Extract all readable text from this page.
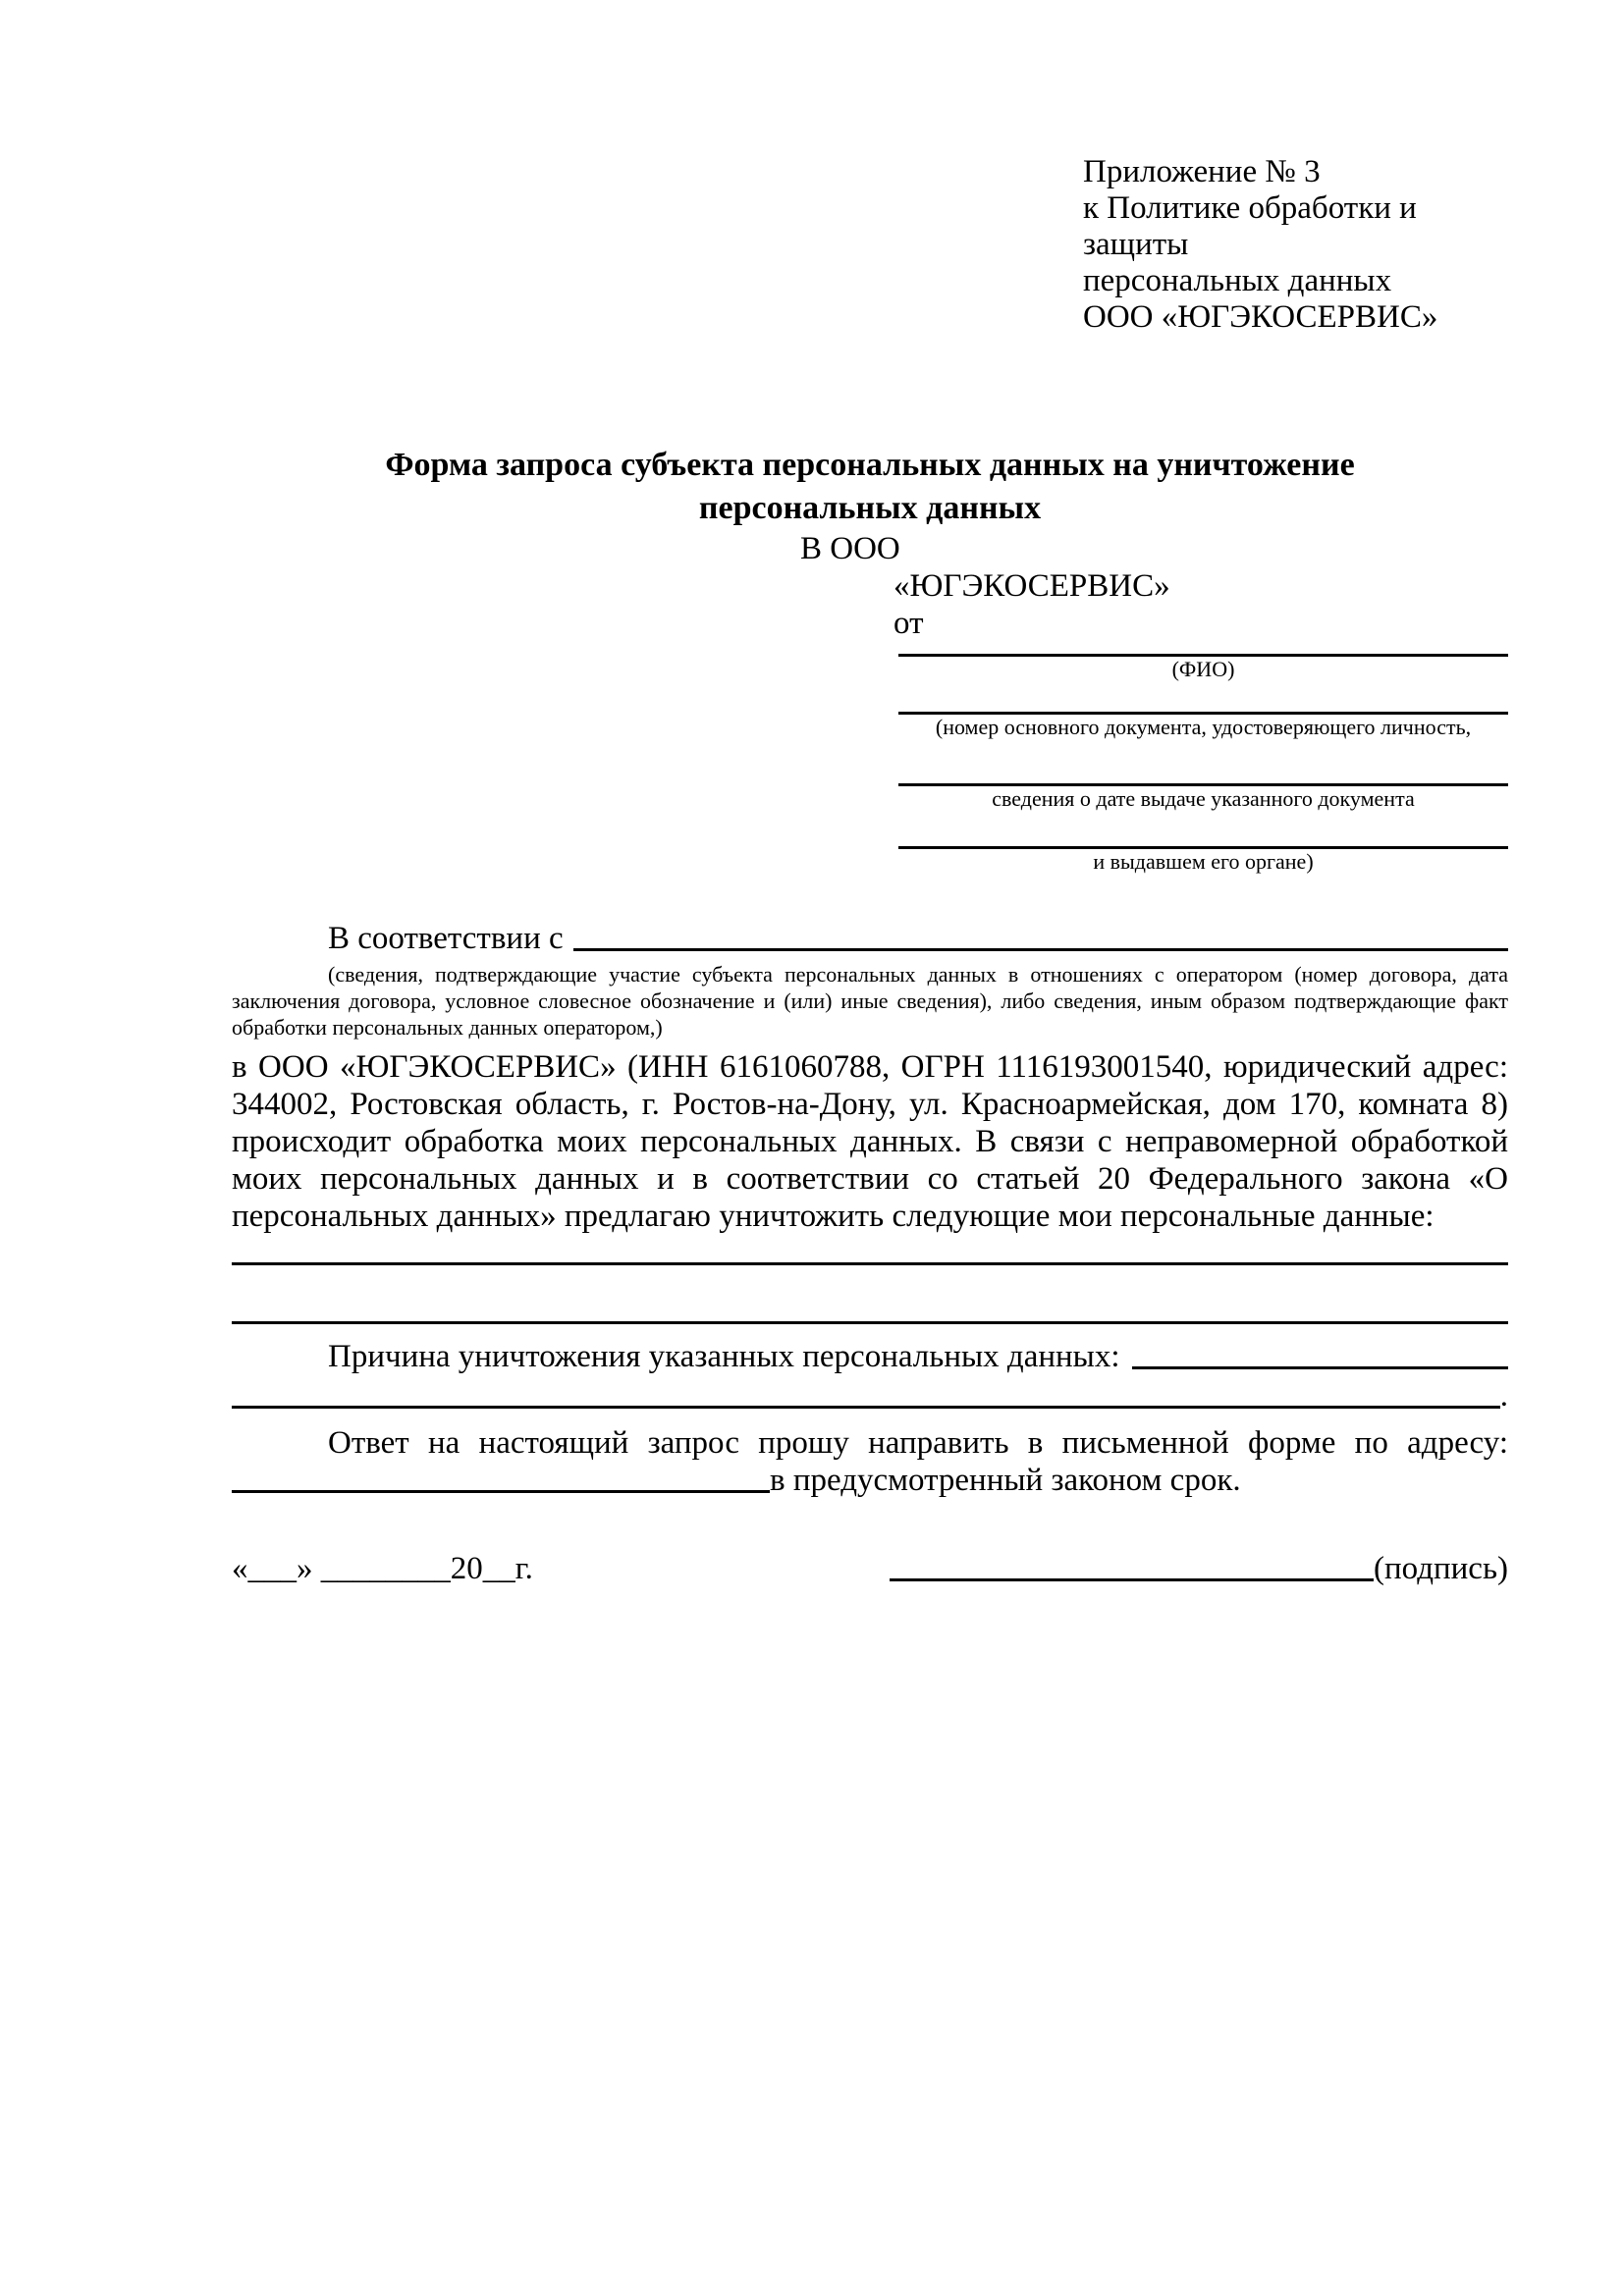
Приложение № 3
к Политике обработки и защиты
персональных данных
ООО «ЮГЭКОСЕРВИС»
Форма запроса субъекта персональных данных на уничтожение
персональных данных
В ООО
«ЮГЭКОСЕРВИС»
от
(ФИО)
(номер основного документа, удостоверяющего личность,
сведения о дате выдаче указанного документа
и выдавшем его органе)
В соответствии с
(сведения, подтверждающие участие субъекта персональных данных в отношениях с оператором (номер договора, дата заключения договора, условное словесное обозначение и (или) иные сведения), либо сведения, иным образом подтверждающие факт обработки персональных данных оператором,)

в ООО «ЮГЭКОСЕРВИС» (ИНН 6161060788, ОГРН 1116193001540, юридический адрес: 344002, Ростовская область, г. Ростов-на-Дону, ул. Красноармейская, дом 170, комната 8) происходит обработка моих персональных данных. В связи с неправомерной обработкой моих персональных данных и в соответствии со статьей 20 Федерального закона «О персональных данных» предлагаю уничтожить следующие мои персональные данные:

Причина уничтожения указанных персональных данных:
.
Ответ на настоящий запрос прошу направить в письменной форме по адресу:
в предусмотренный законом срок.
«___» ________20__г.	(подпись)
